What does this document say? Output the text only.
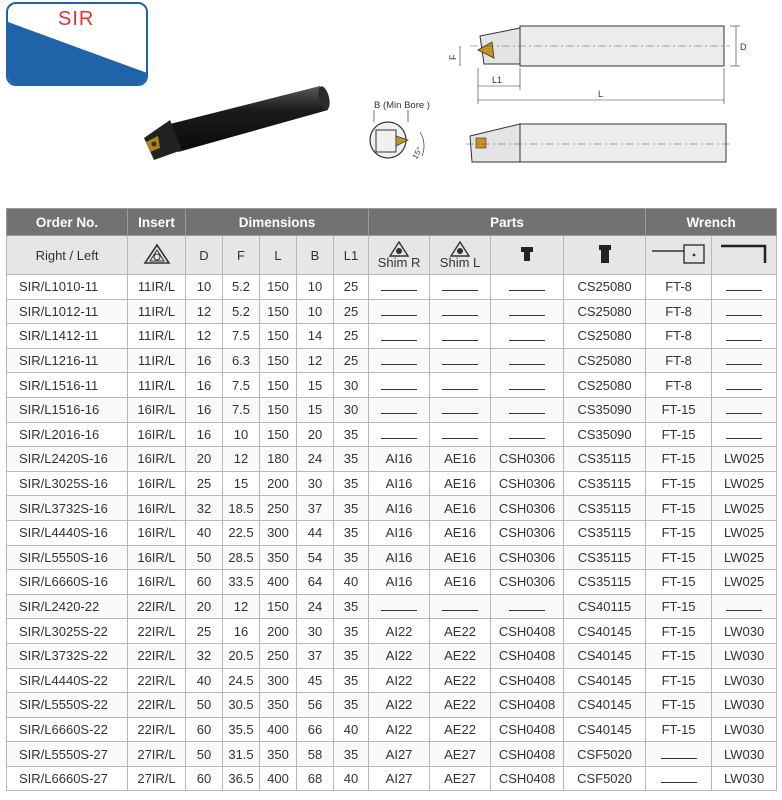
SIR
B (Min Bore )
15°
D
F
L1
L
Order No.	Insert	Dimensions					Parts				Wrench	
Right / Left		D	F	L	B	L1	Shim R	Shim L

SIR/L1010-11	11IR/L	10	5.2	150	10	25				CS25080	FT-8	
SIR/L1012-11	11IR/L	12	5.2	150	10	25				CS25080	FT-8	
SIR/L1412-11	11IR/L	12	7.5	150	14	25				CS25080	FT-8	
SIR/L1216-11	11IR/L	16	6.3	150	12	25				CS25080	FT-8	
SIR/L1516-11	11IR/L	16	7.5	150	15	30				CS25080	FT-8	
SIR/L1516-16	16IR/L	16	7.5	150	15	30				CS35090	FT-15	
SIR/L2016-16	16IR/L	16	10	150	20	35				CS35090	FT-15	
SIR/L2420S-16	16IR/L	20	12	180	24	35	AI16	AE16	CSH0306	CS35115	FT-15	LW025
SIR/L3025S-16	16IR/L	25	15	200	30	35	AI16	AE16	CSH0306	CS35115	FT-15	LW025
SIR/L3732S-16	16IR/L	32	18.5	250	37	35	AI16	AE16	CSH0306	CS35115	FT-15	LW025
SIR/L4440S-16	16IR/L	40	22.5	300	44	35	AI16	AE16	CSH0306	CS35115	FT-15	LW025
SIR/L5550S-16	16IR/L	50	28.5	350	54	35	AI16	AE16	CSH0306	CS35115	FT-15	LW025
SIR/L6660S-16	16IR/L	60	33.5	400	64	40	AI16	AE16	CSH0306	CS35115	FT-15	LW025
SIR/L2420-22	22IR/L	20	12	150	24	35				CS40115	FT-15	
SIR/L3025S-22	22IR/L	25	16	200	30	35	AI22	AE22	CSH0408	CS40145	FT-15	LW030
SIR/L3732S-22	22IR/L	32	20.5	250	37	35	AI22	AE22	CSH0408	CS40145	FT-15	LW030
SIR/L4440S-22	22IR/L	40	24.5	300	45	35	AI22	AE22	CSH0408	CS40145	FT-15	LW030
SIR/L5550S-22	22IR/L	50	30.5	350	56	35	AI22	AE22	CSH0408	CS40145	FT-15	LW030
SIR/L6660S-22	22IR/L	60	35.5	400	66	40	AI22	AE22	CSH0408	CS40145	FT-15	LW030
SIR/L5550S-27	27IR/L	50	31.5	350	58	35	AI27	AE27	CSH0408	CSF5020		LW030
SIR/L6660S-27	27IR/L	60	36.5	400	68	40	AI27	AE27	CSH0408	CSF5020		LW030
